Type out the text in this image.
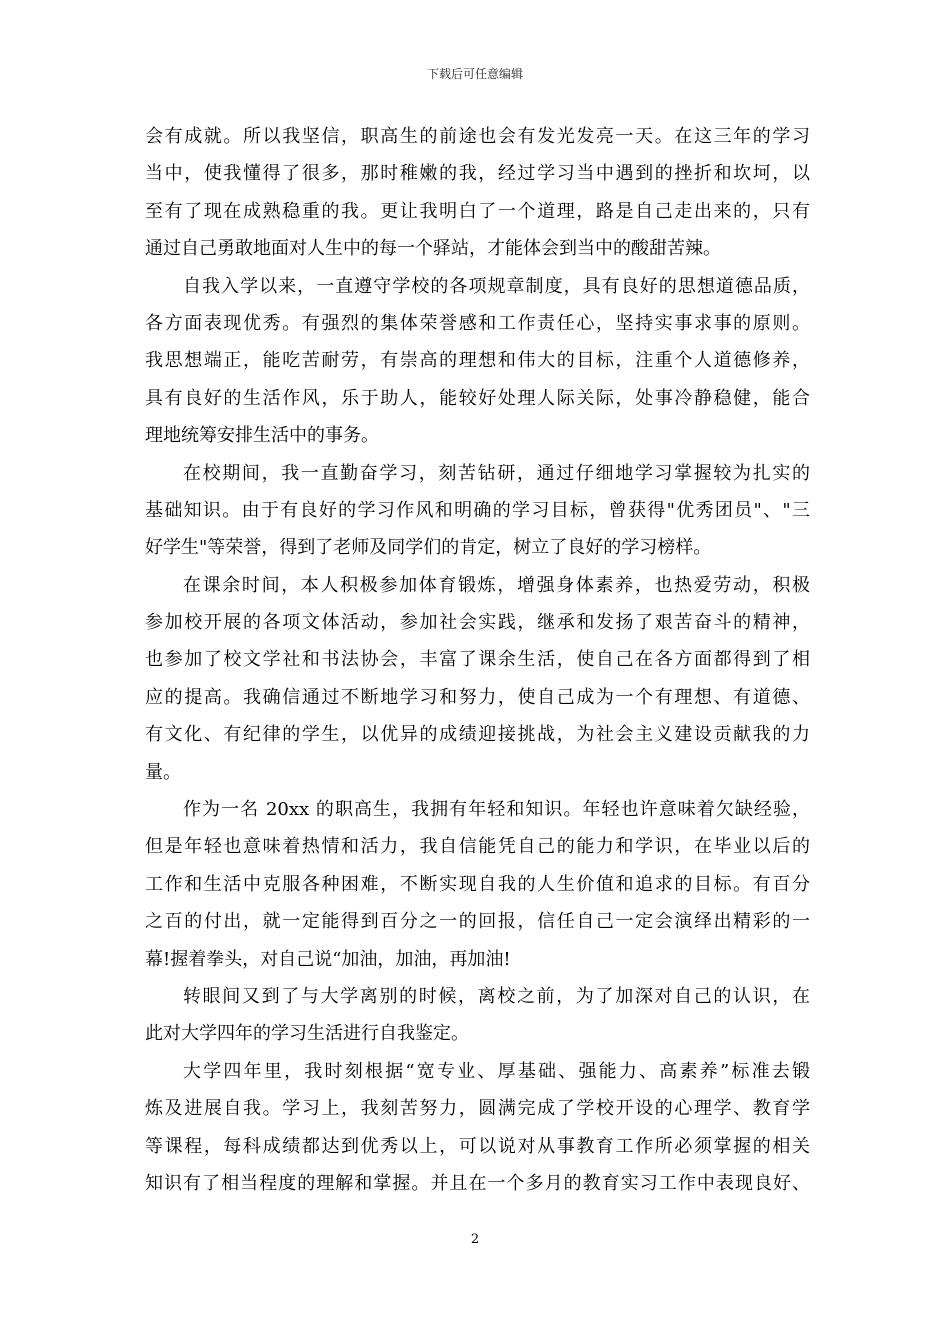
下载后可任意编辑
会有成就。所以我坚信，职高生的前途也会有发光发亮一天。在这三年的学习
当中，使我懂得了很多，那时稚嫩的我，经过学习当中遇到的挫折和坎坷，以
至有了现在成熟稳重的我。更让我明白了一个道理，路是自己走出来的，只有
通过自己勇敢地面对人生中的每一个驿站，才能体会到当中的酸甜苦辣。
自我入学以来，一直遵守学校的各项规章制度，具有良好的思想道德品质，
各方面表现优秀。有强烈的集体荣誉感和工作责任心，坚持实事求事的原则。
我思想端正，能吃苦耐劳，有崇高的理想和伟大的目标，注重个人道德修养，
具有良好的生活作风，乐于助人，能较好处理人际关际，处事冷静稳健，能合
理地统筹安排生活中的事务。
在校期间，我一直勤奋学习，刻苦钻研，通过仔细地学习掌握较为扎实的
基础知识。由于有良好的学习作风和明确的学习目标，曾获得"优秀团员"、"三
好学生"等荣誉，得到了老师及同学们的肯定，树立了良好的学习榜样。
在课余时间，本人积极参加体育锻炼，增强身体素养，也热爱劳动，积极
参加校开展的各项文体活动，参加社会实践，继承和发扬了艰苦奋斗的精神，
也参加了校文学社和书法协会，丰富了课余生活，使自己在各方面都得到了相
应的提高。我确信通过不断地学习和努力，使自己成为一个有理想、有道德、
有文化、有纪律的学生，以优异的成绩迎接挑战，为社会主义建设贡献我的力
量。
作为一名 20xx 的职高生，我拥有年轻和知识。年轻也许意味着欠缺经验，
但是年轻也意味着热情和活力，我自信能凭自己的能力和学识，在毕业以后的
工作和生活中克服各种困难，不断实现自我的人生价值和追求的目标。有百分
之百的付出，就一定能得到百分之一的回报，信任自己一定会演绎出精彩的一
幕!握着拳头，对自己说“加油，加油，再加油!
转眼间又到了与大学离别的时候，离校之前，为了加深对自己的认识，在
此对大学四年的学习生活进行自我鉴定。
大学四年里，我时刻根据“宽专业、厚基础、强能力、高素养”标准去锻
炼及进展自我。学习上，我刻苦努力，圆满完成了学校开设的心理学、教育学
等课程，每科成绩都达到优秀以上，可以说对从事教育工作所必须掌握的相关
知识有了相当程度的理解和掌握。并且在一个多月的教育实习工作中表现良好、
2
